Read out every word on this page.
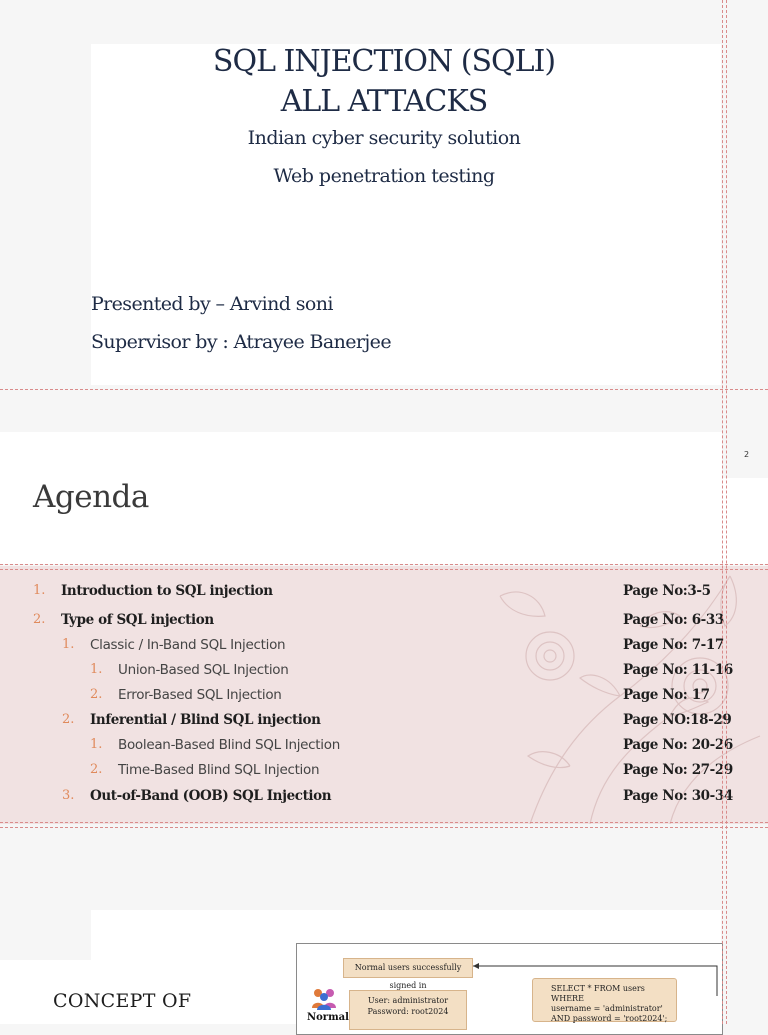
SQL INJECTION (SQLI)
ALL ATTACKS
Indian cyber security solution
Web penetration testing
Presented by – Arvind soni
Supervisor by : Atrayee Banerjee
2
Agenda
1. Introduction to SQL injection	Page No:3-5
2. Type of SQL injection	Page No: 6-33
1. Classic / In-Band SQL Injection	Page No: 7-17
1. Union-Based SQL Injection	Page No: 11-16
2. Error-Based SQL Injection	Page No: 17
2. Inferential / Blind SQL injection	Page NO:18-29
1. Boolean-Based Blind SQL Injection	Page No: 20-26
2. Time-Based Blind SQL Injection	Page No: 27-29
3. Out-of-Band (OOB) SQL Injection	Page No: 30-34
CONCEPT OF
Normal users successfully signed in
Normal
User: administrator
Password: root2024
SELECT * FROM users WHERE
username = 'administrator'
AND password = 'root2024';
